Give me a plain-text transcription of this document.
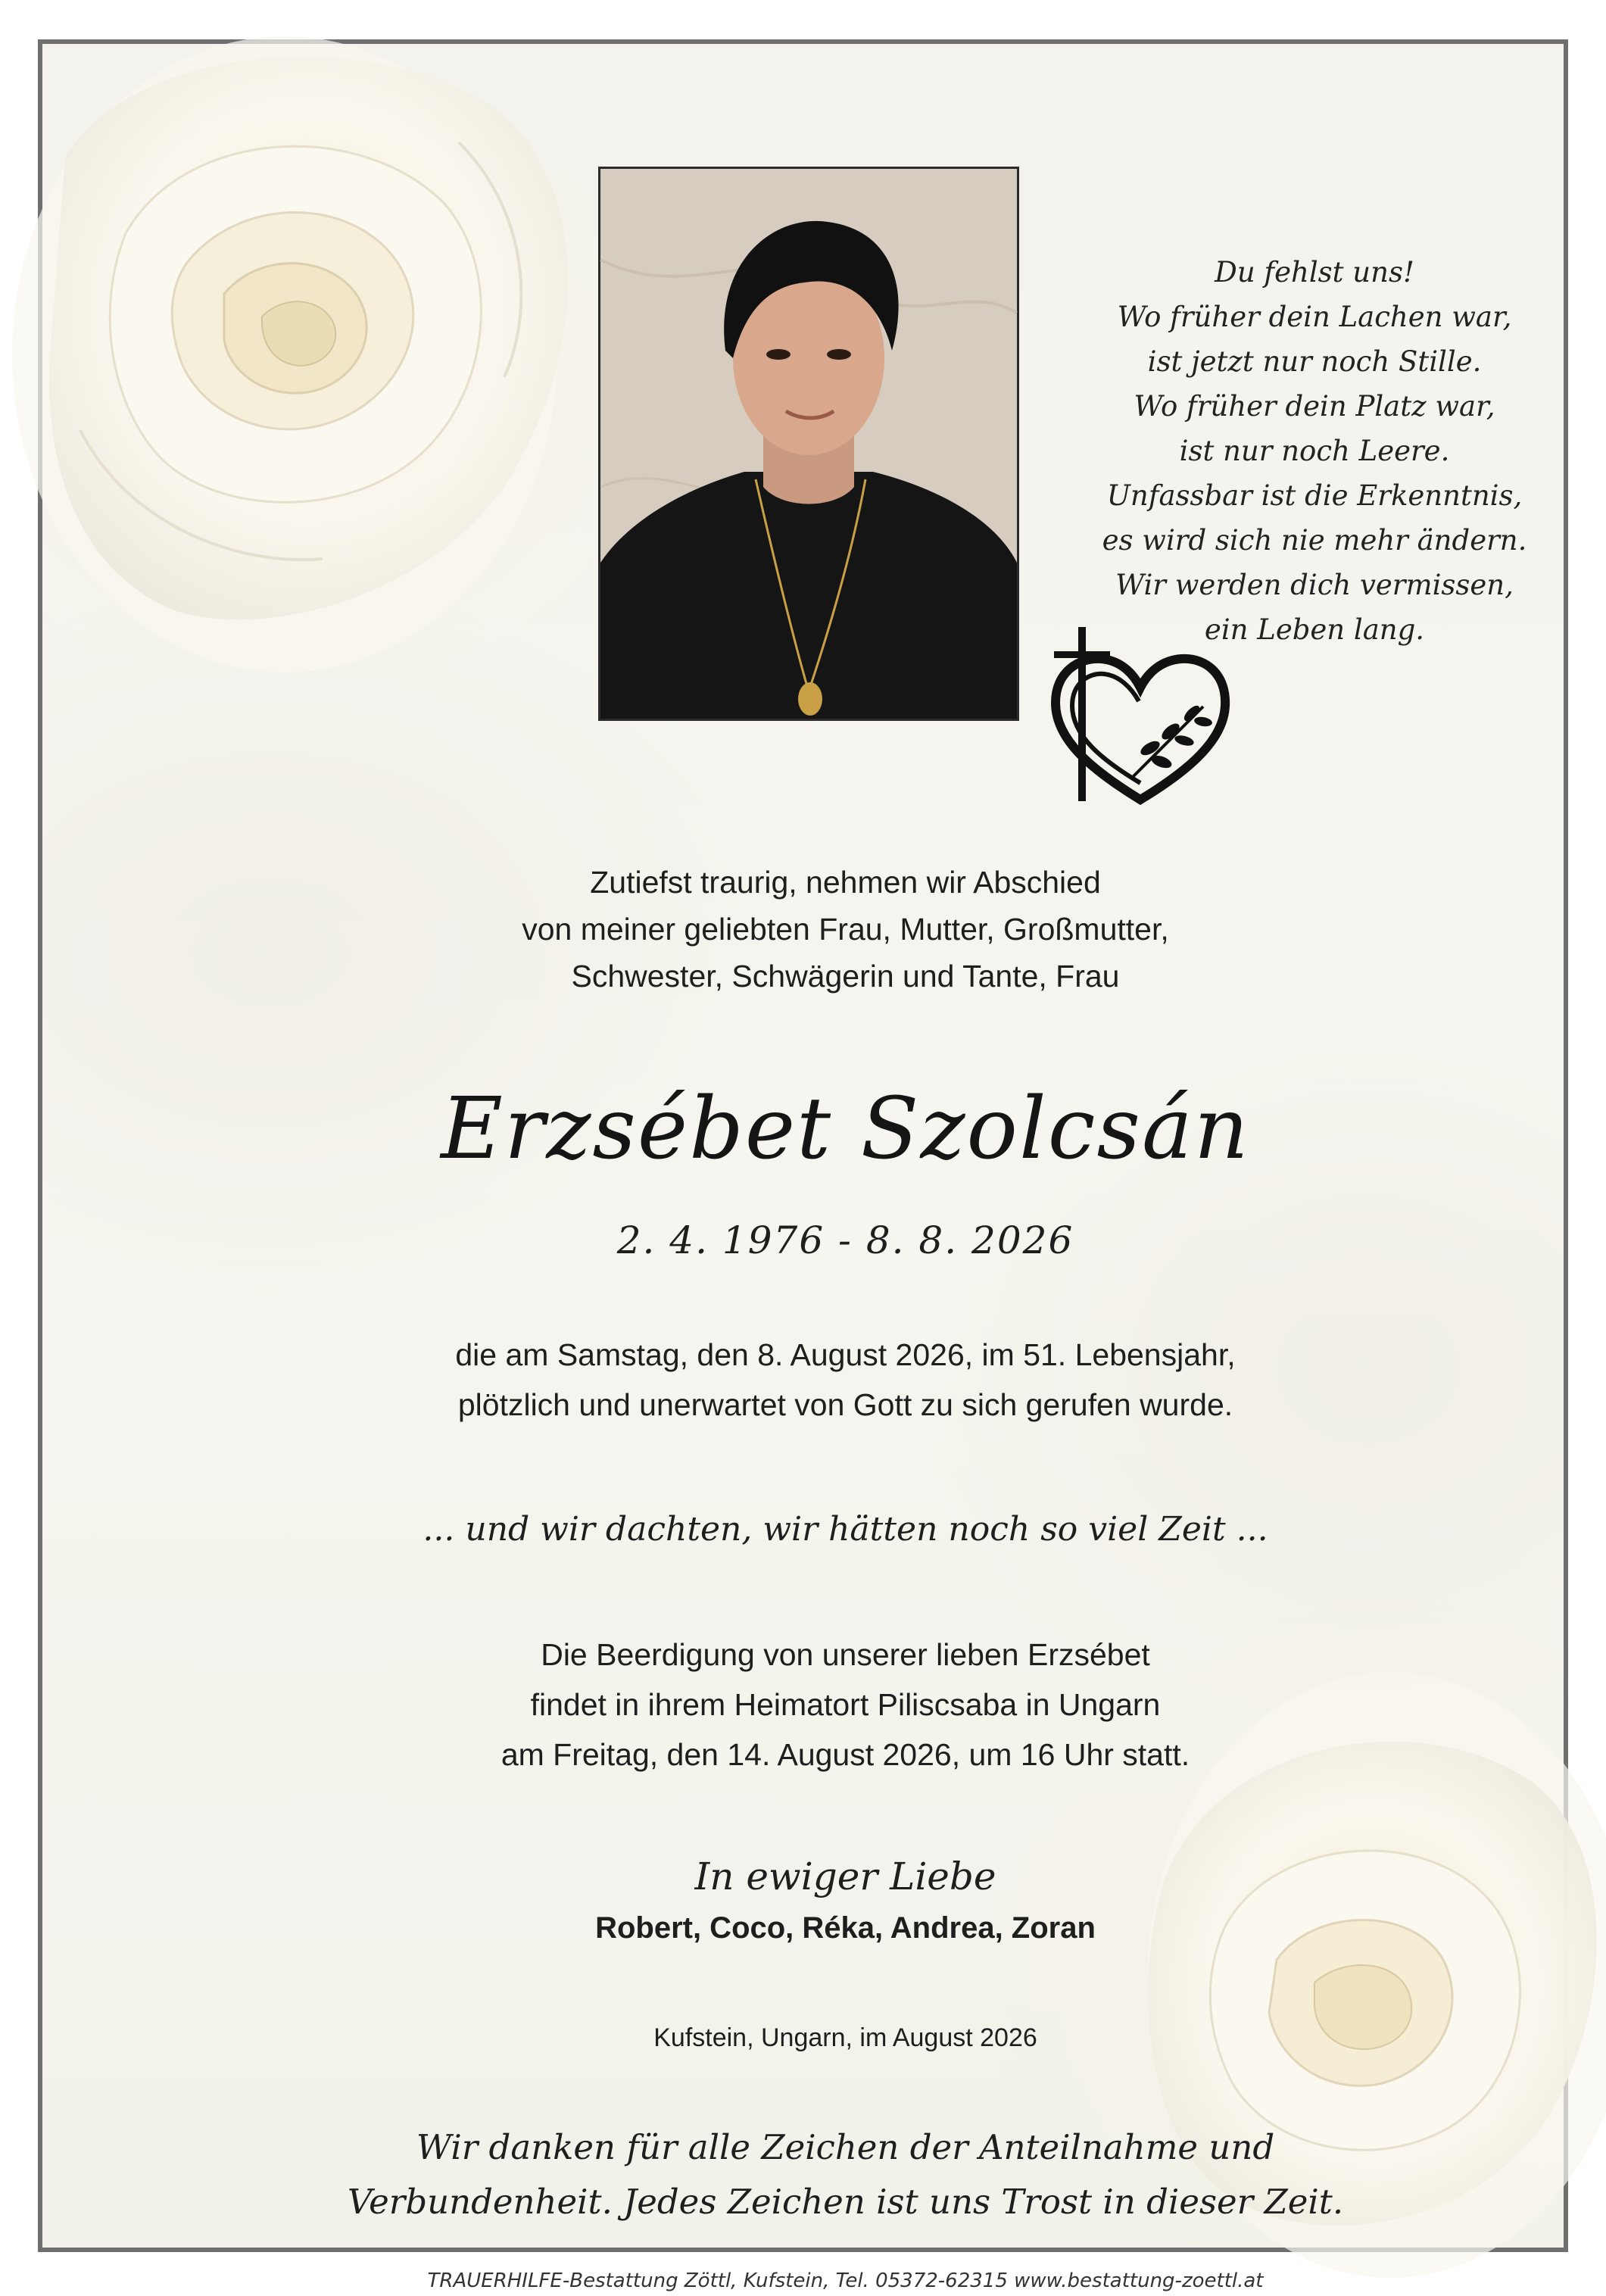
Du fehlst uns!
Wo früher dein Lachen war,
ist jetzt nur noch Stille.
Wo früher dein Platz war,
ist nur noch Leere.
Unfassbar ist die Erkenntnis,
es wird sich nie mehr ändern.
Wir werden dich vermissen,
ein Leben lang.
Zutiefst traurig, nehmen wir Abschied
von meiner geliebten Frau, Mutter, Großmutter,
Schwester, Schwägerin und Tante, Frau
Erzsébet Szolcsán
2. 4. 1976 - 8. 8. 2026
die am Samstag, den 8. August 2026, im 51. Lebensjahr,
plötzlich und unerwartet von Gott zu sich gerufen wurde.
... und wir dachten, wir hätten noch so viel Zeit ...
Die Beerdigung von unserer lieben Erzsébet
findet in ihrem Heimatort Piliscsaba in Ungarn
am Freitag, den 14. August 2026, um 16 Uhr statt.
In ewiger Liebe
Robert, Coco, Réka, Andrea, Zoran
Kufstein, Ungarn, im August 2026
Wir danken für alle Zeichen der Anteilnahme und
Verbundenheit. Jedes Zeichen ist uns Trost in dieser Zeit.
TRAUERHILFE-Bestattung Zöttl, Kufstein, Tel. 05372-62315 www.bestattung-zoettl.at
